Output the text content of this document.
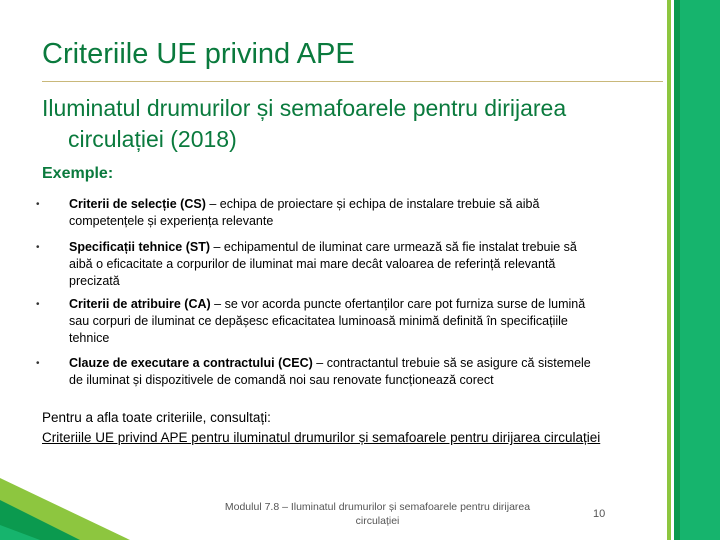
Criteriile UE privind APE
Iluminatul drumurilor și semafoarele pentru dirijarea
circulației (2018)
Exemple:
• Criterii de selecție (CS) – echipa de proiectare și echipa de instalare trebuie să aibă
competențele și experiența relevante
• Specificații tehnice (ST) – echipamentul de iluminat care urmează să fie instalat trebuie să
aibă o eficacitate a corpurilor de iluminat mai mare decât valoarea de referință relevantă
precizată
• Criterii de atribuire (CA) – se vor acorda puncte ofertanților care pot furniza surse de lumină
sau corpuri de iluminat ce depășesc eficacitatea luminoasă minimă definită în specificațiile
tehnice
• Clauze de executare a contractului (CEC) – contractantul trebuie să se asigure că sistemele
de iluminat și dispozitivele de comandă noi sau renovate funcționează corect
Pentru a afla toate criteriile, consultați:
Criteriile UE privind APE pentru iluminatul drumurilor și semafoarele pentru dirijarea circulației
Modulul 7.8 – Iluminatul drumurilor și semafoarele pentru dirijarea
circulației
10
